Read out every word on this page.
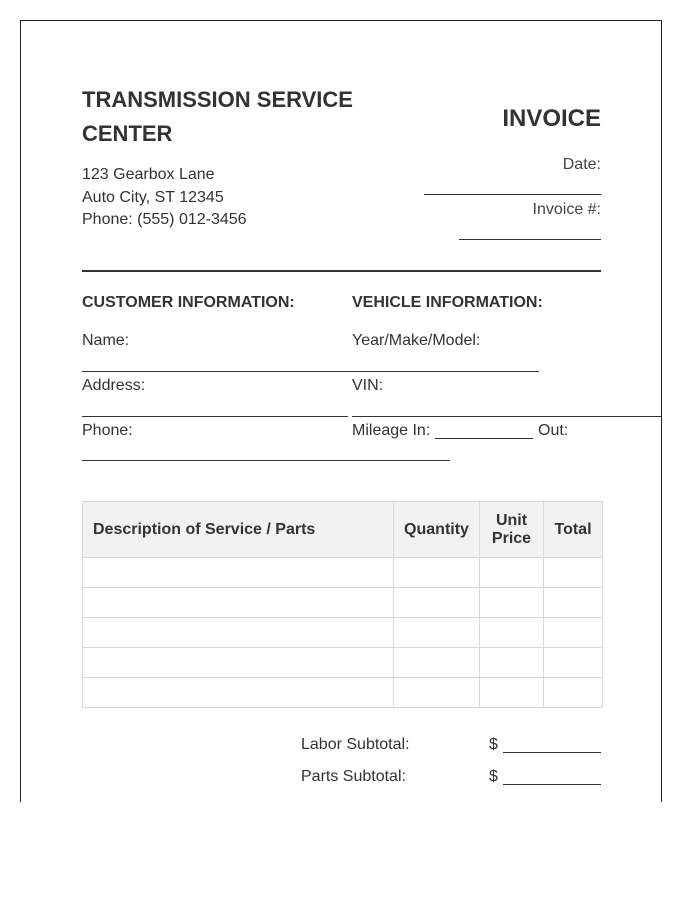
TRANSMISSION SERVICE CENTER
123 Gearbox Lane
Auto City, ST 12345
Phone: (555) 012-3456
INVOICE
Date:
Invoice #:
CUSTOMER INFORMATION:
Name:
Address:
Phone:
VEHICLE INFORMATION:
Year/Make/Model:
VIN:
Mileage In:	Out:
Description of Service / Parts	Quantity	Unit Price	Total

Labor Subtotal:	$
Parts Subtotal:	$
